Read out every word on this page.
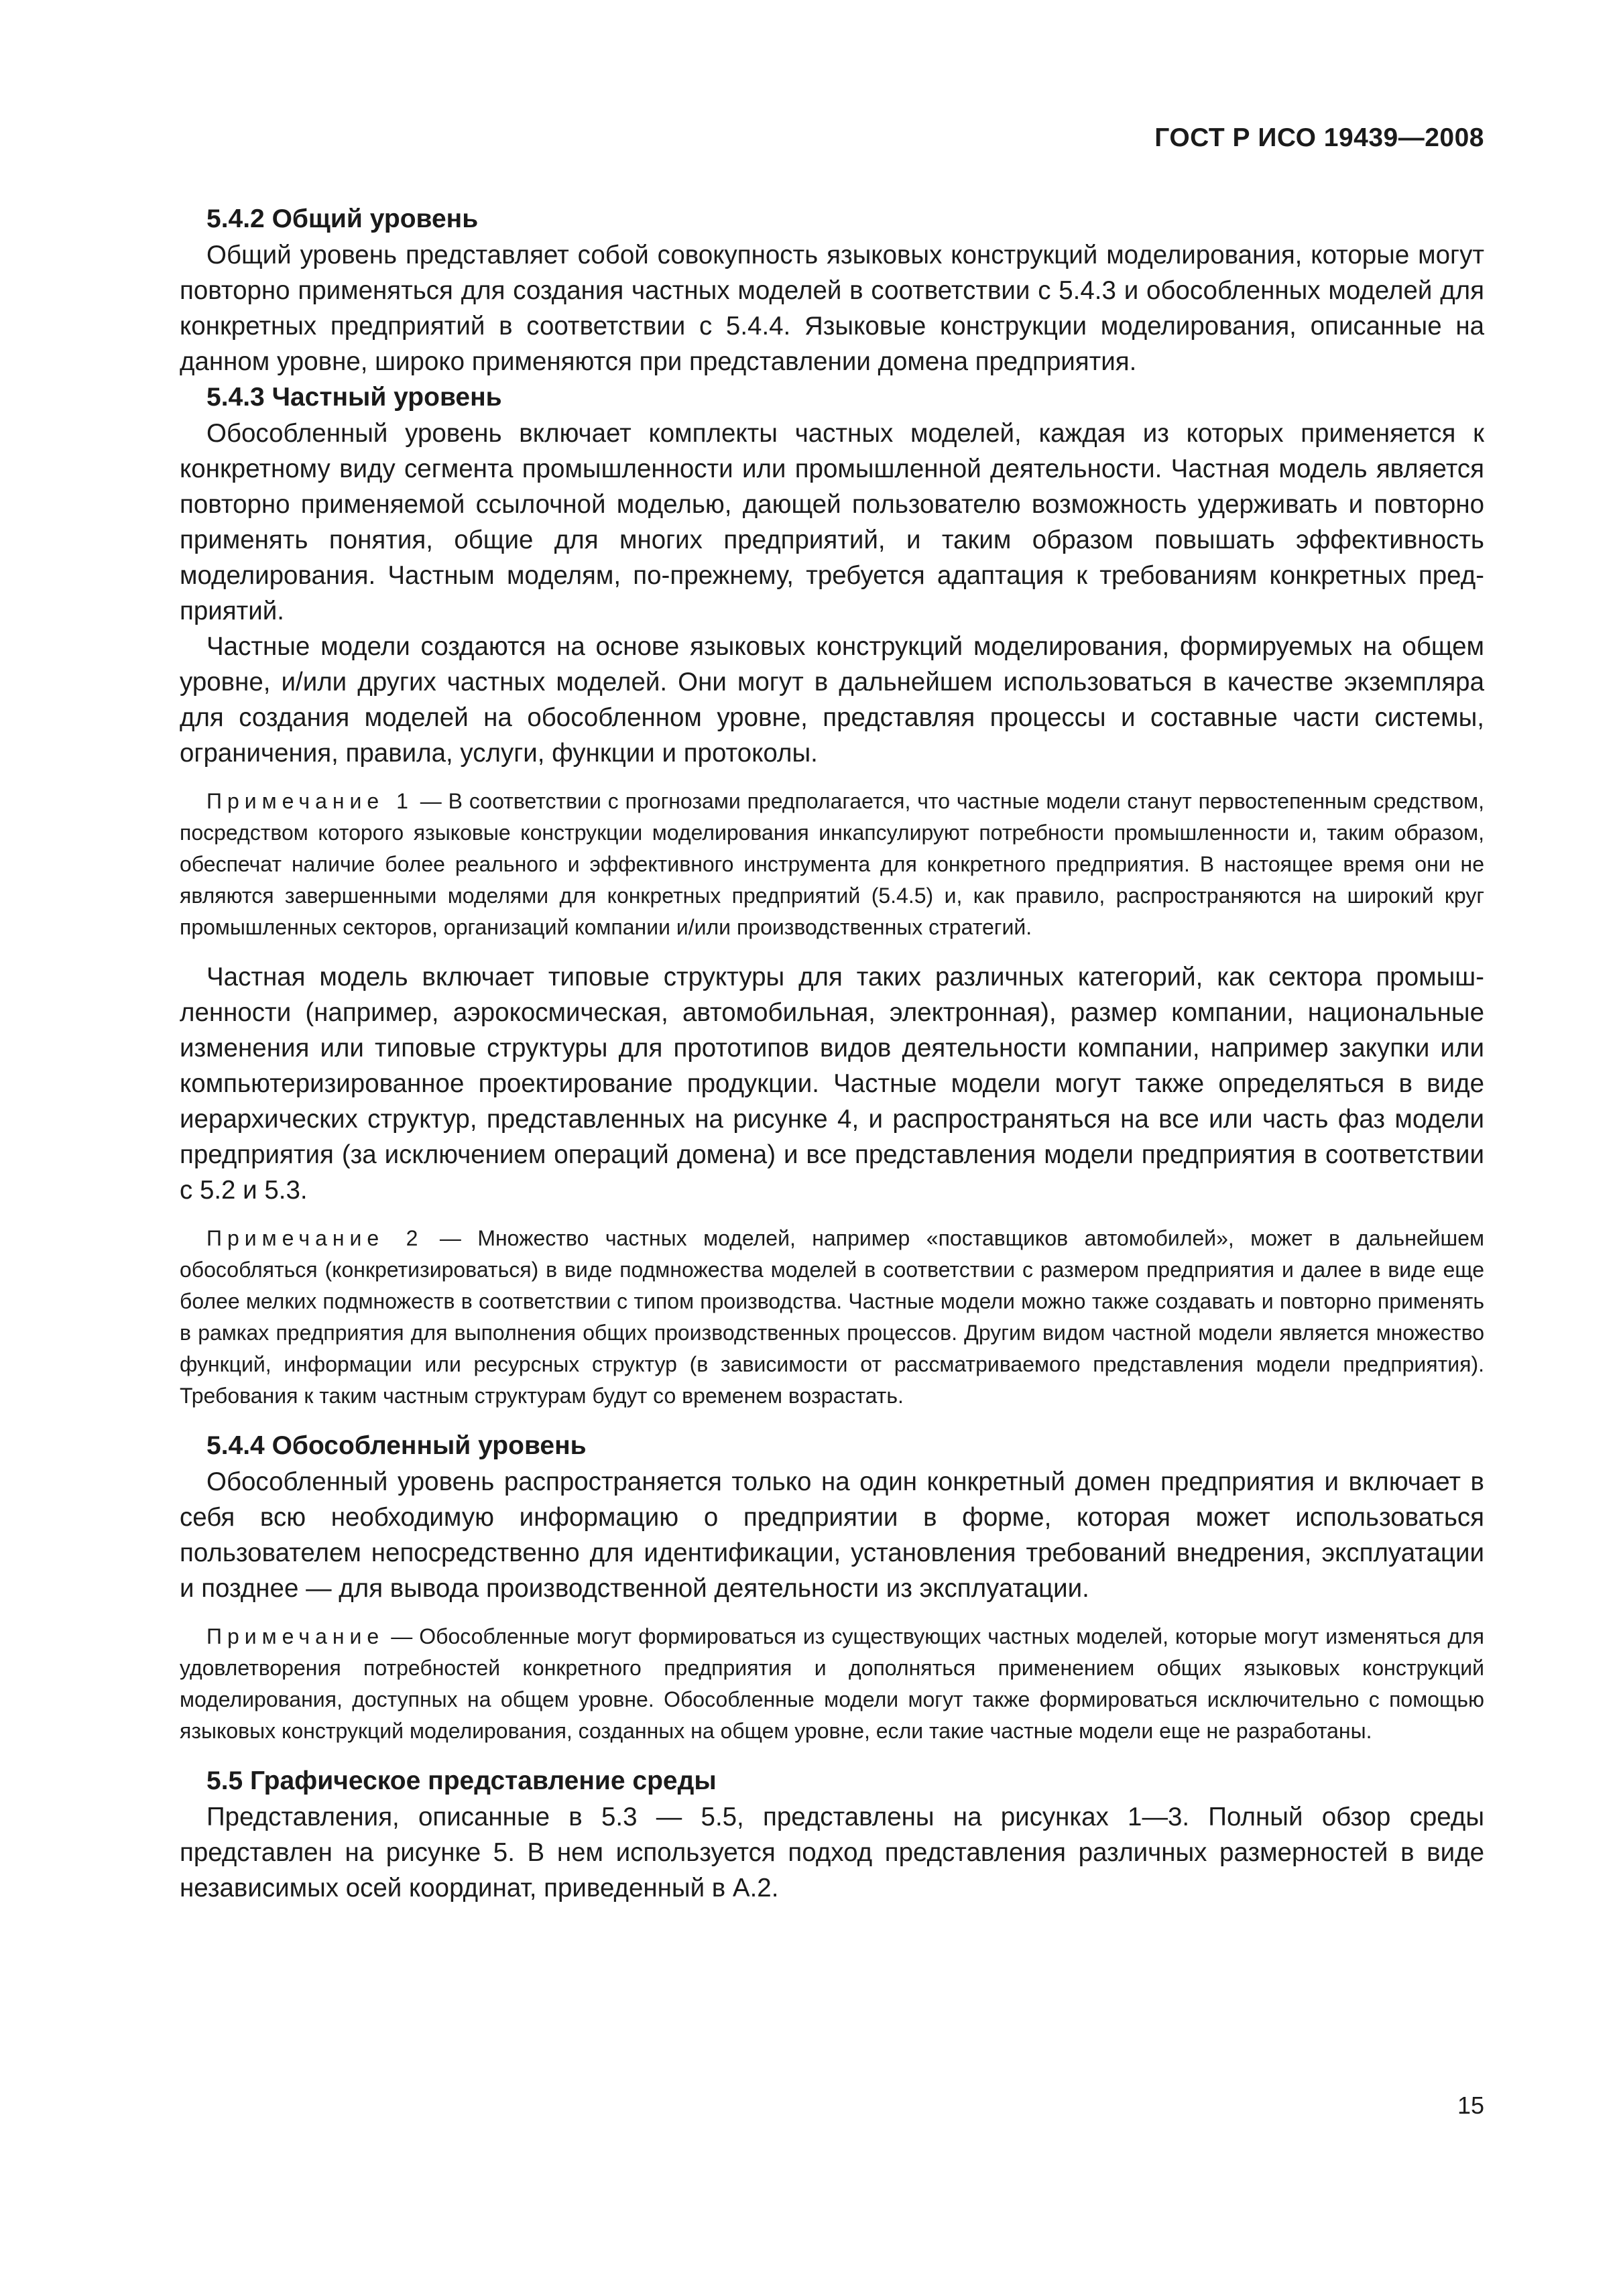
ГОСТ Р ИСО 19439—2008
5.4.2 Общий уровень

Общий уровень представляет собой совокупность языковых конструкций моделирования, которые могут повторно применяться для создания частных моделей в соответствии с 5.4.3 и обособленных моделей для конкретных предприятий в соответствии с 5.4.4. Языковые конструкции моделирования, описанные на данном уровне, широко применяются при представлении домена предприятия.

5.4.3 Частный уровень

Обособленный уровень включает комплекты частных моделей, каждая из которых применяется к конкретному виду сегмента промышленности или промышленной деятельности. Частная модель является повторно применяемой ссылочной моделью, дающей пользователю возможность удерживать и повторно применять понятия, общие для многих предприятий, и таким образом повышать эффективность моделирования. Частным моделям, по-прежнему, требуется адаптация к требованиям конкретных предприятий.

Частные модели создаются на основе языковых конструкций моделирования, формируемых на общем уровне, и/или других частных моделей. Они могут в дальнейшем использоваться в качестве экземпляра для создания моделей на обособленном уровне, представляя процессы и составные части системы, ограничения, правила, услуги, функции и протоколы.

Примечание 1 — В соответствии с прогнозами предполагается, что частные модели станут первостепенным средством, посредством которого языковые конструкции моделирования инкапсулируют потребности промышленности и, таким образом, обеспечат наличие более реального и эффективного инструмента для конкретного предприятия. В настоящее время они не являются завершенными моделями для конкретных предприятий (5.4.5) и, как правило, распространяются на широкий круг промышленных секторов, организаций компании и/или производственных стратегий.

Частная модель включает типовые структуры для таких различных категорий, как сектора промышленности (например, аэрокосмическая, автомобильная, электронная), размер компании, национальные изменения или типовые структуры для прототипов видов деятельности компании, например закупки или компьютеризированное проектирование продукции. Частные модели могут также определяться в виде иерархических структур, представленных на рисунке 4, и распространяться на все или часть фаз модели предприятия (за исключением операций домена) и все представления модели предприятия в соответствии с 5.2 и 5.3.

Примечание 2 — Множество частных моделей, например «поставщиков автомобилей», может в дальнейшем обособляться (конкретизироваться) в виде подмножества моделей в соответствии с размером предприятия и далее в виде еще более мелких подмножеств в соответствии с типом производства. Частные модели можно также создавать и повторно применять в рамках предприятия для выполнения общих производственных процессов. Другим видом частной модели является множество функций, информации или ресурсных структур (в зависимости от рассматриваемого представления модели предприятия). Требования к таким частным структурам будут со временем возрастать.

5.4.4 Обособленный уровень

Обособленный уровень распространяется только на один конкретный домен предприятия и включает в себя всю необходимую информацию о предприятии в форме, которая может использоваться пользователем непосредственно для идентификации, установления требований внедрения, эксплуатации и позднее — для вывода производственной деятельности из эксплуатации.

Примечание — Обособленные могут формироваться из существующих частных моделей, которые могут изменяться для удовлетворения потребностей конкретного предприятия и дополняться применением общих языковых конструкций моделирования, доступных на общем уровне. Обособленные модели могут также формироваться исключительно с помощью языковых конструкций моделирования, созданных на общем уровне, если такие частные модели еще не разработаны.

5.5 Графическое представление среды

Представления, описанные в 5.3 — 5.5, представлены на рисунках 1—3. Полный обзор среды представлен на рисунке 5. В нем используется подход представления различных размерностей в виде независимых осей координат, приведенный в А.2.

15
